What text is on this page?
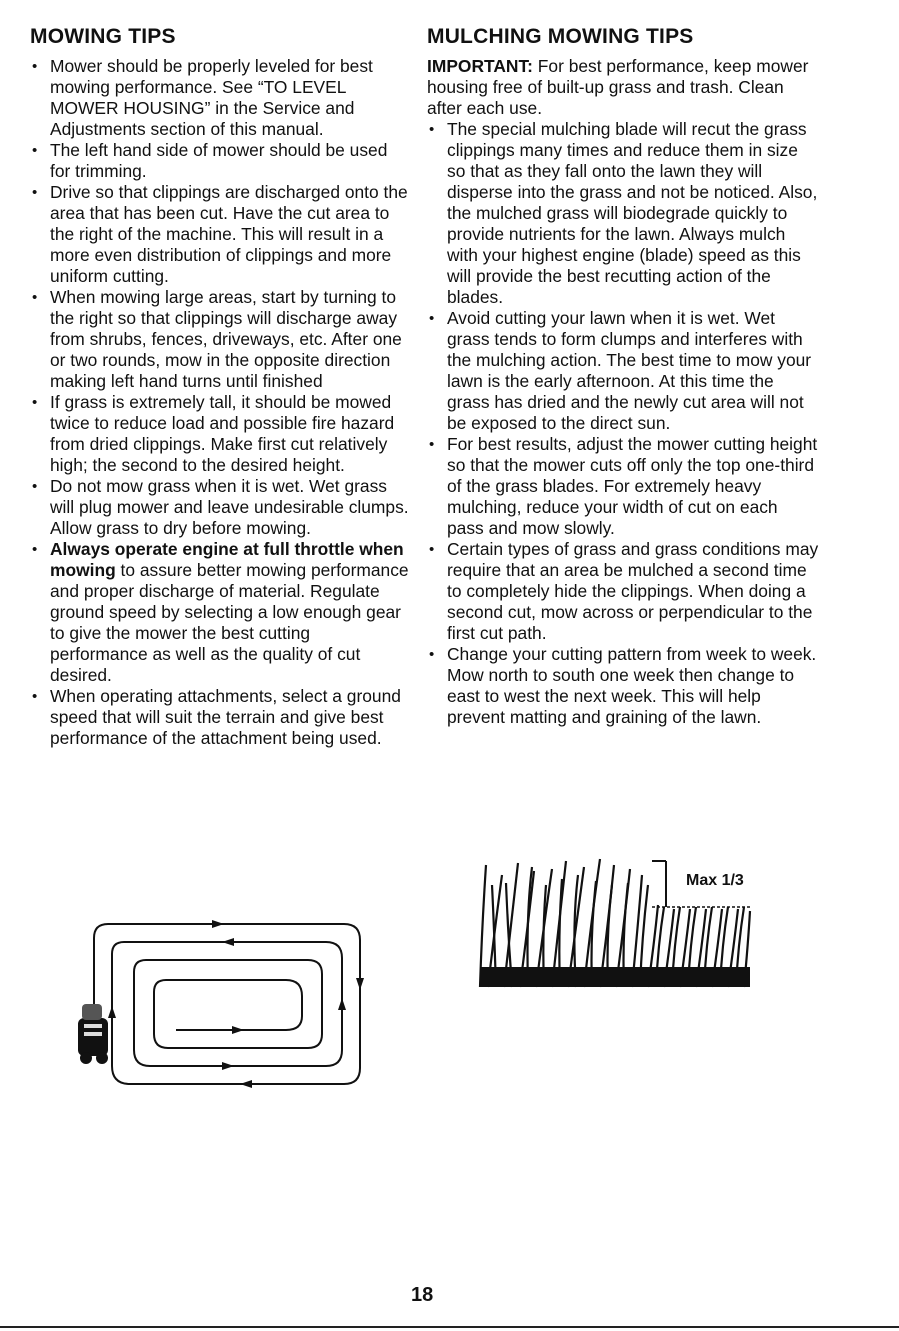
MOWING TIPS
• Mower should be properly leveled for best mowing performance. See “TO LEVEL MOWER HOUSING” in the Service and Adjustments section of this manual.
• The left hand side of mower should be used for trimming.
• Drive so that clippings are discharged onto the area that has been cut. Have the cut area to the right of the machine. This will result in a more even distribution of clippings and more uniform cutting.
• When mowing large areas, start by turning to the right so that clippings will discharge away from shrubs, fences, driveways, etc. After one or two rounds, mow in the opposite direction making left hand turns until finished
• If grass is extremely tall, it should be mowed twice to reduce load and possible fire hazard from dried clippings. Make first cut relatively high; the second to the desired height.
• Do not mow grass when it is wet. Wet grass will plug mower and leave undesirable clumps. Allow grass to dry before mowing.
• Always operate engine at full throttle when mowing to assure better mowing performance and proper discharge of material. Regulate ground speed by selecting a low enough gear to give the mower the best cutting performance as well as the quality of cut desired.
• When operating attachments, select a ground speed that will suit the terrain and give best performance of the attachment being used.
MULCHING MOWING TIPS

IMPORTANT: For best performance, keep mower housing free of built-up grass and trash. Clean after each use.

• The special mulching blade will recut the grass clippings many times and reduce them in size so that as they fall onto the lawn they will disperse into the grass and not be noticed. Also, the mulched grass will biodegrade quickly to provide nutrients for the lawn. Always mulch with your highest engine (blade) speed as this will provide the best recutting action of the blades.
• Avoid cutting your lawn when it is wet. Wet grass tends to form clumps and interferes with the mulching action. The best time to mow your lawn is the early afternoon. At this time the grass has dried and the newly cut area will not be exposed to the direct sun.
• For best results, adjust the mower cutting height so that the mower cuts off only the top one-third of the grass blades. For extremely heavy mulching, reduce your width of cut on each pass and mow slowly.
• Certain types of grass and grass conditions may require that an area be mulched a second time to completely hide the clippings. When doing a second cut, mow across or perpendicular to the first cut path.
• Change your cutting pattern from week to week. Mow north to south one week then change to east to west the next week. This will help prevent matting and graining of the lawn.
Max 1/3
18
